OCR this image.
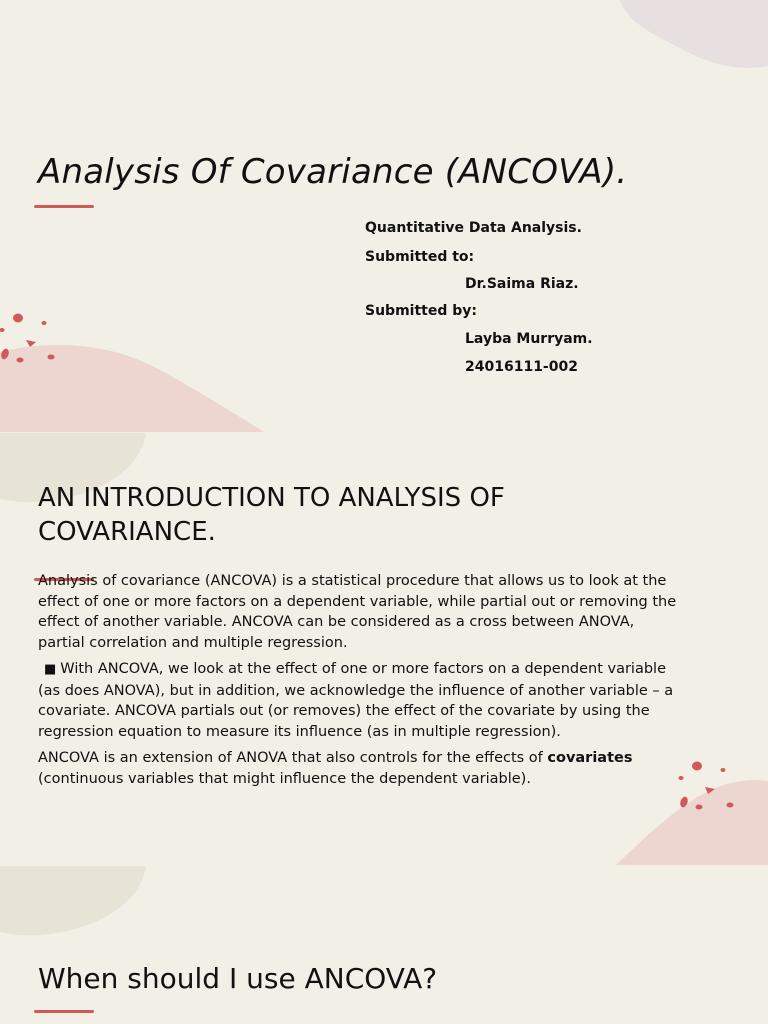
Analysis Of Covariance (ANCOVA).
Quantitative Data Analysis.
Submitted to:
Dr.Saima Riaz.
Submitted by:
Layba Murryam.
24016111-002
AN INTRODUCTION TO ANALYSIS OF COVARIANCE.

Analysis of covariance (ANCOVA) is a statistical procedure that allows us to look at the effect of one or more factors on a dependent variable, while partial out or removing the effect of another variable. ANCOVA can be considered as a cross between ANOVA, partial correlation and multiple regression.

■ With ANCOVA, we look at the effect of one or more factors on a dependent variable (as does ANOVA), but in addition, we acknowledge the influence of another variable – a covariate. ANCOVA partials out (or removes) the effect of the covariate by using the regression equation to measure its influence (as in multiple regression).

ANCOVA is an extension of ANOVA that also controls for the effects of covariates (continuous variables that might influence the dependent variable).

When should I use ANCOVA?
